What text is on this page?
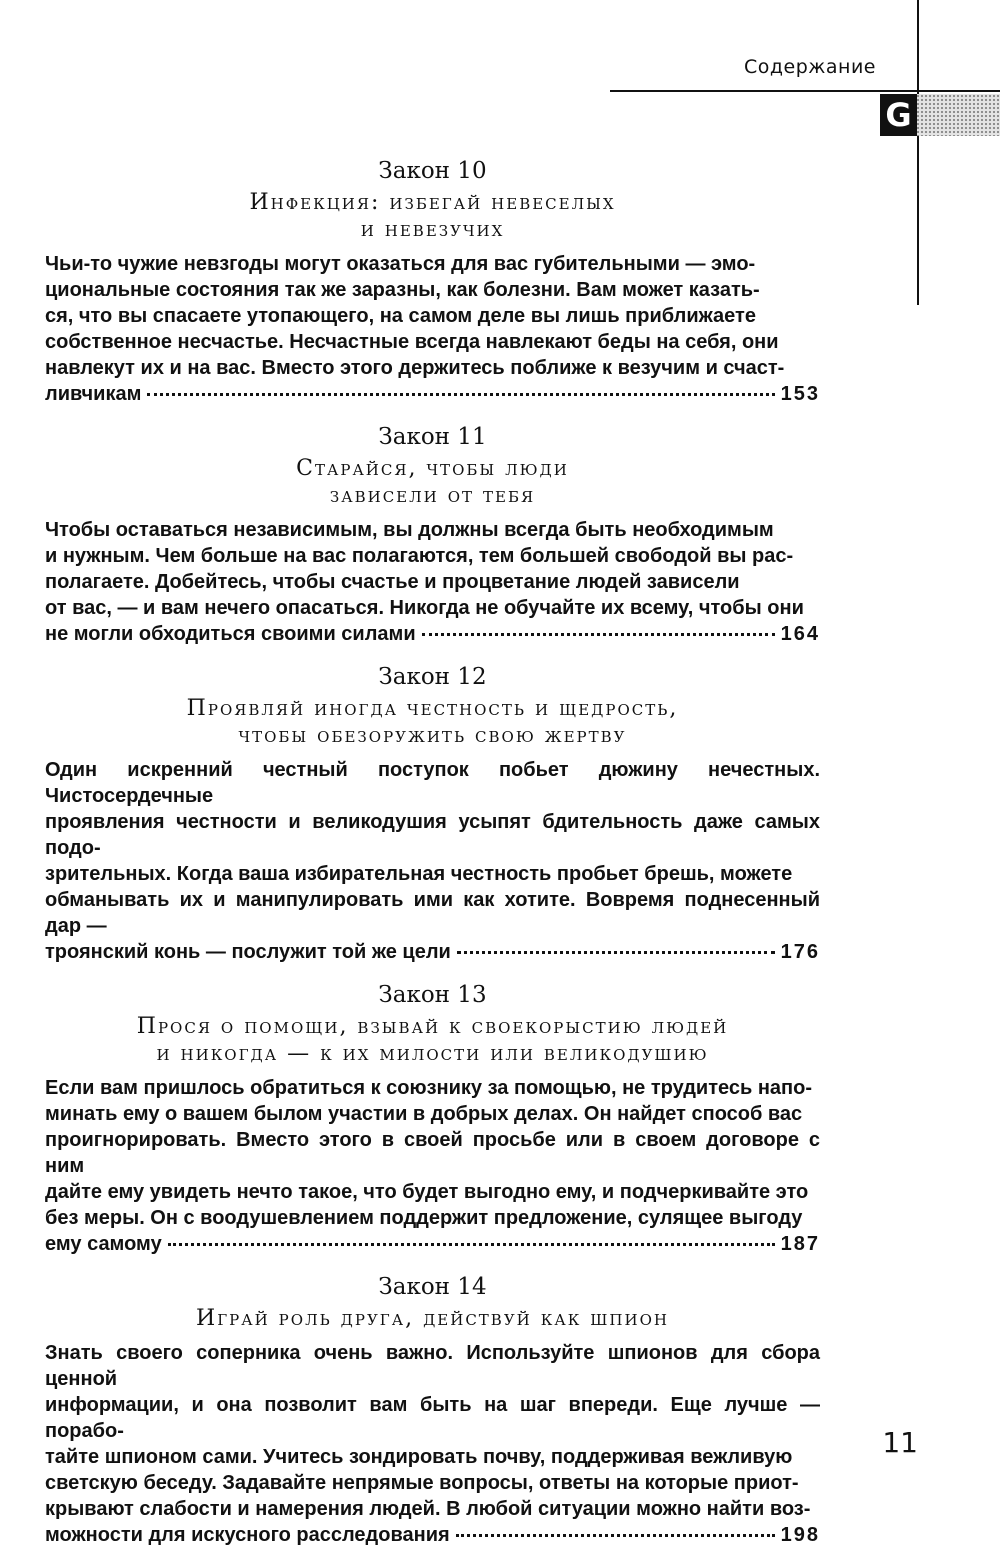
Содержание
G
Закон 10
Инфекция: избегай невеселых
и невезучих
Чьи-то чужие невзгоды могут оказаться для вас губительными — эмо-
циональные состояния так же заразны, как болезни. Вам может казать-
ся, что вы спасаете утопающего, на самом деле вы лишь приближаете
собственное несчастье. Несчастные всегда навлекают беды на себя, они
навлекут их и на вас. Вместо этого держитесь поближе к везучим и счаст-
ливчикам	153
Закон 11
Старайся, чтобы люди
зависели от тебя
Чтобы оставаться независимым, вы должны всегда быть необходимым
и нужным. Чем больше на вас полагаются, тем большей свободой вы рас-
полагаете. Добейтесь, чтобы счастье и процветание людей зависели
от вас, — и вам нечего опасаться. Никогда не обучайте их всему, чтобы они
не могли обходиться своими силами	164
Закон 12
Проявляй иногда честность и щедрость,
чтобы обезоружить свою жертву
Один искренний честный поступок побьет дюжину нечестных. Чистосердечные
проявления честности и великодушия усыпят бдительность даже самых подо-
зрительных. Когда ваша избирательная честность пробьет брешь, можете
обманывать их и манипулировать ими как хотите. Вовремя поднесенный дар —
троянский конь — послужит той же цели	176
Закон 13
Прося о помощи, взывай к своекорыстию людей
и никогда — к их милости или великодушию
Если вам пришлось обратиться к союзнику за помощью, не трудитесь напо-
минать ему о вашем былом участии в добрых делах. Он найдет способ вас
проигнорировать. Вместо этого в своей просьбе или в своем договоре с ним
дайте ему увидеть нечто такое, что будет выгодно ему, и подчеркивайте это
без меры. Он с воодушевлением поддержит предложение, сулящее выгоду
ему самому	187
Закон 14
Играй роль друга, действуй как шпион
Знать своего соперника очень важно. Используйте шпионов для сбора ценной
информации, и она позволит вам быть на шаг впереди. Еще лучше — порабо-
тайте шпионом сами. Учитесь зондировать почву, поддерживая вежливую
светскую беседу. Задавайте непрямые вопросы, ответы на которые приот-
крывают слабости и намерения людей. В любой ситуации можно найти воз-
можности для искусного расследования	198
11
